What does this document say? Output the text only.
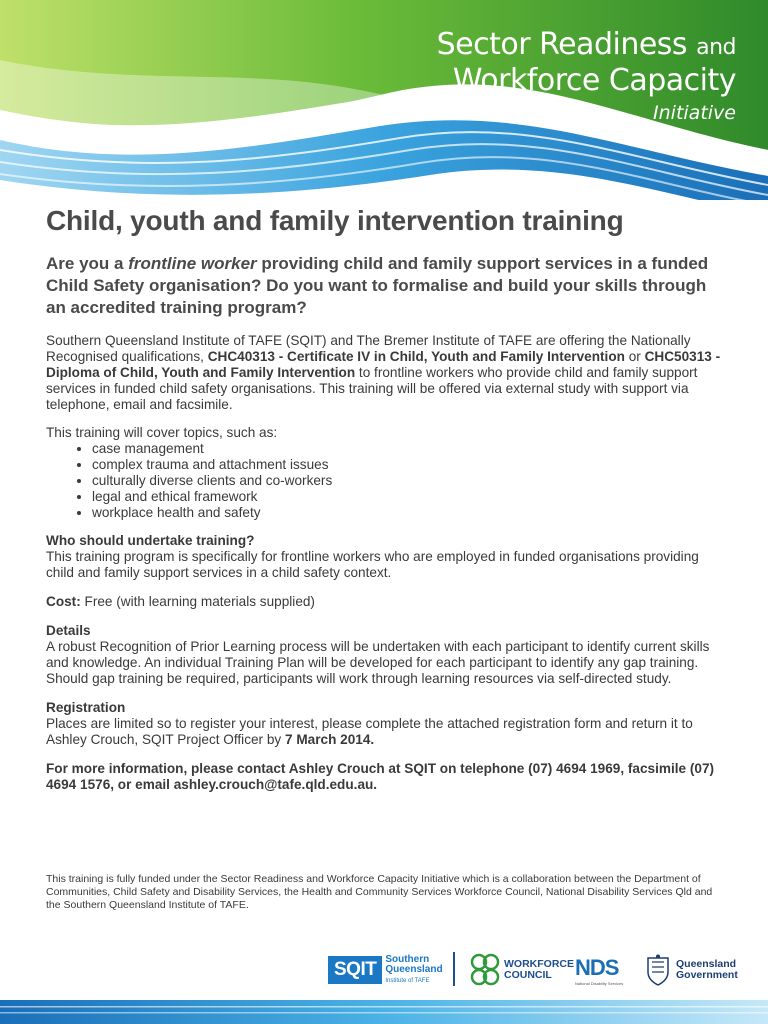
Sector Readiness and
Workforce Capacity
Initiative
Child, youth and family intervention training
Are you a frontline worker providing child and family support services in a funded Child Safety organisation? Do you want to formalise and build your skills through an accredited training program?

Southern Queensland Institute of TAFE (SQIT) and The Bremer Institute of TAFE are offering the Nationally Recognised qualifications, CHC40313 - Certificate IV in Child, Youth and Family Intervention or CHC50313 - Diploma of Child, Youth and Family Intervention to frontline workers who provide child and family support services in funded child safety organisations. This training will be offered via external study with support via telephone, email and facsimile.

This training will cover topics, such as:

• case management
• complex trauma and attachment issues
• culturally diverse clients and co-workers
• legal and ethical framework
• workplace health and safety

Who should undertake training?

This training program is specifically for frontline workers who are employed in funded organisations providing child and family support services in a child safety context.

Cost: Free (with learning materials supplied)

Details

A robust Recognition of Prior Learning process will be undertaken with each participant to identify current skills and knowledge. An individual Training Plan will be developed for each participant to identify any gap training. Should gap training be required, participants will work through learning resources via self-directed study.

Registration

Places are limited so to register your interest, please complete the attached registration form and return it to Ashley Crouch, SQIT Project Officer by 7 March 2014.

For more information, please contact Ashley Crouch at SQIT on telephone (07) 4694 1969, facsimile (07) 4694 1576, or email ashley.crouch@tafe.qld.edu.au.

This training is fully funded under the Sector Readiness and Workforce Capacity Initiative which is a collaboration between the Department of Communities, Child Safety and Disability Services, the Health and Community Services Workforce Council, National Disability Services Qld and the Southern Queensland Institute of TAFE.
SQIT Southern
Queensland
Institute of TAFE
WORKFORCE
COUNCIL	NDS
National Disability Services
Queensland
Government
